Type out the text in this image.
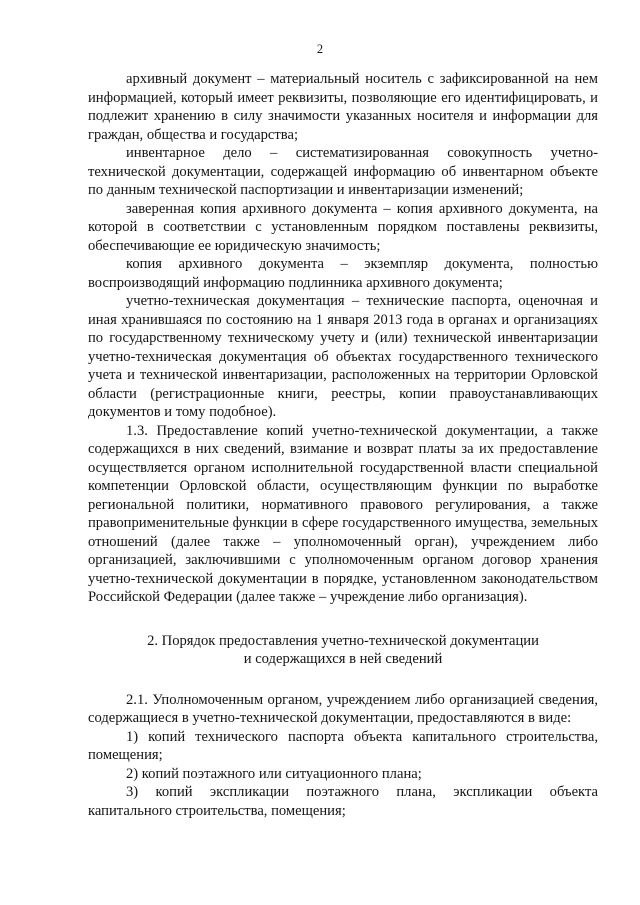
2

архивный документ – материальный носитель с зафиксированной на нем информацией, который имеет реквизиты, позволяющие его идентифицировать, и подлежит хранению в силу значимости указанных носителя и информации для граждан, общества и государства;

инвентарное дело – систематизированная совокупность учетно-технической документации, содержащей информацию об инвентарном объекте по данным технической паспортизации и инвентаризации изменений;

заверенная копия архивного документа – копия архивного документа, на которой в соответствии с установленным порядком поставлены реквизиты, обеспечивающие ее юридическую значимость;

копия архивного документа – экземпляр документа, полностью воспроизводящий информацию подлинника архивного документа;

учетно-техническая документация – технические паспорта, оценочная и иная хранившаяся по состоянию на 1 января 2013 года в органах и организациях по государственному техническому учету и (или) технической инвентаризации учетно-техническая документация об объектах государственного технического учета и технической инвентаризации, расположенных на территории Орловской области (регистрационные книги, реестры, копии правоустанавливающих документов и тому подобное).

1.3. Предоставление копий учетно-технической документации, а также содержащихся в них сведений, взимание и возврат платы за их предоставление осуществляется органом исполнительной государственной власти специальной компетенции Орловской области, осуществляющим функции по выработке региональной политики, нормативного правового регулирования, а также правоприменительные функции в сфере государственного имущества, земельных отношений (далее также – уполномоченный орган), учреждением либо организацией, заключившими с уполномоченным органом договор хранения учетно-технической документации в порядке, установленном законодательством Российской Федерации (далее также – учреждение либо организация).

2. Порядок предоставления учетно-технической документации
и содержащихся в ней сведений

2.1. Уполномоченным органом, учреждением либо организацией сведения, содержащиеся в учетно-технической документации, предоставляются в виде:

1) копий технического паспорта объекта капитального строительства, помещения;

2) копий поэтажного или ситуационного плана;

3) копий экспликации поэтажного плана, экспликации объекта капитального строительства, помещения;
